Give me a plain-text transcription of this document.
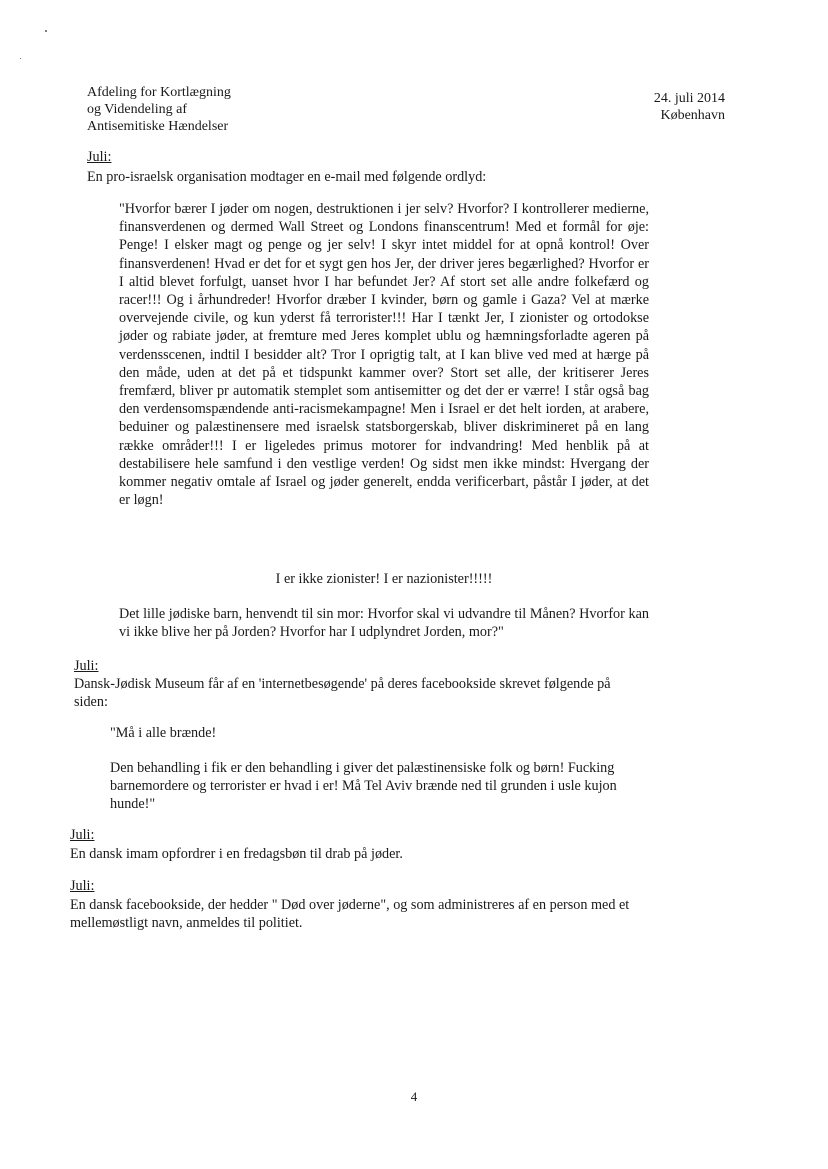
Afdeling for Kortlægning
og Videndeling af
Antisemitiske Hændelser
24. juli 2014
København
Juli:
En pro-israelsk organisation modtager en e-mail med følgende ordlyd:

"Hvorfor bærer I jøder om nogen, destruktionen i jer selv? Hvorfor? I kontrollerer medierne, finansverdenen og dermed Wall Street og Londons finanscentrum! Med et formål for øje: Penge! I elsker magt og penge og jer selv! I skyr intet middel for at opnå kontrol! Over finansverdenen! Hvad er det for et sygt gen hos Jer, der driver jeres begærlighed? Hvorfor er I altid blevet forfulgt, uanset hvor I har befundet Jer? Af stort set alle andre folkefærd og racer!!! Og i århundreder! Hvorfor dræber I kvinder, børn og gamle i Gaza? Vel at mærke overvejende civile, og kun yderst få terrorister!!! Har I tænkt Jer, I zionister og ortodokse jøder og rabiate jøder, at fremture med Jeres komplet ublu og hæmningsforladte ageren på verdensscenen, indtil I besidder alt? Tror I oprigtig talt, at I kan blive ved med at hærge på den måde, uden at det på et tidspunkt kammer over? Stort set alle, der kritiserer Jeres fremfærd, bliver pr automatik stemplet som antisemitter og det der er værre! I står også bag den verdensomspændende anti-racismekampagne! Men i Israel er det helt iorden, at arabere, beduiner og palæstinensere med israelsk statsborgerskab, bliver diskrimineret på en lang række områder!!! I er ligeledes primus motorer for indvandring! Med henblik på at destabilisere hele samfund i den vestlige verden! Og sidst men ikke mindst: Hvergang der kommer negativ omtale af Israel og jøder generelt, endda verificerbart, påstår I jøder, at det er løgn!

I er ikke zionister! I er nazionister!!!!!
Det lille jødiske barn, henvendt til sin mor: Hvorfor skal vi udvandre til Månen? Hvorfor kan vi ikke blive her på Jorden? Hvorfor har I udplyndret Jorden, mor?"
Juli:
Dansk-Jødisk Museum får af en 'internetbesøgende' på deres facebookside skrevet følgende på siden:
"Må i alle brænde!
Den behandling i fik er den behandling i giver det palæstinensiske folk og børn! Fucking barnemordere og terrorister er hvad i er! Må Tel Aviv brænde ned til grunden i usle kujon hunde!"
Juli:
En dansk imam opfordrer i en fredagsbøn til drab på jøder.
Juli:
En dansk facebookside, der hedder " Død over jøderne", og som administreres af en person med et mellemøstligt navn, anmeldes til politiet.
4
